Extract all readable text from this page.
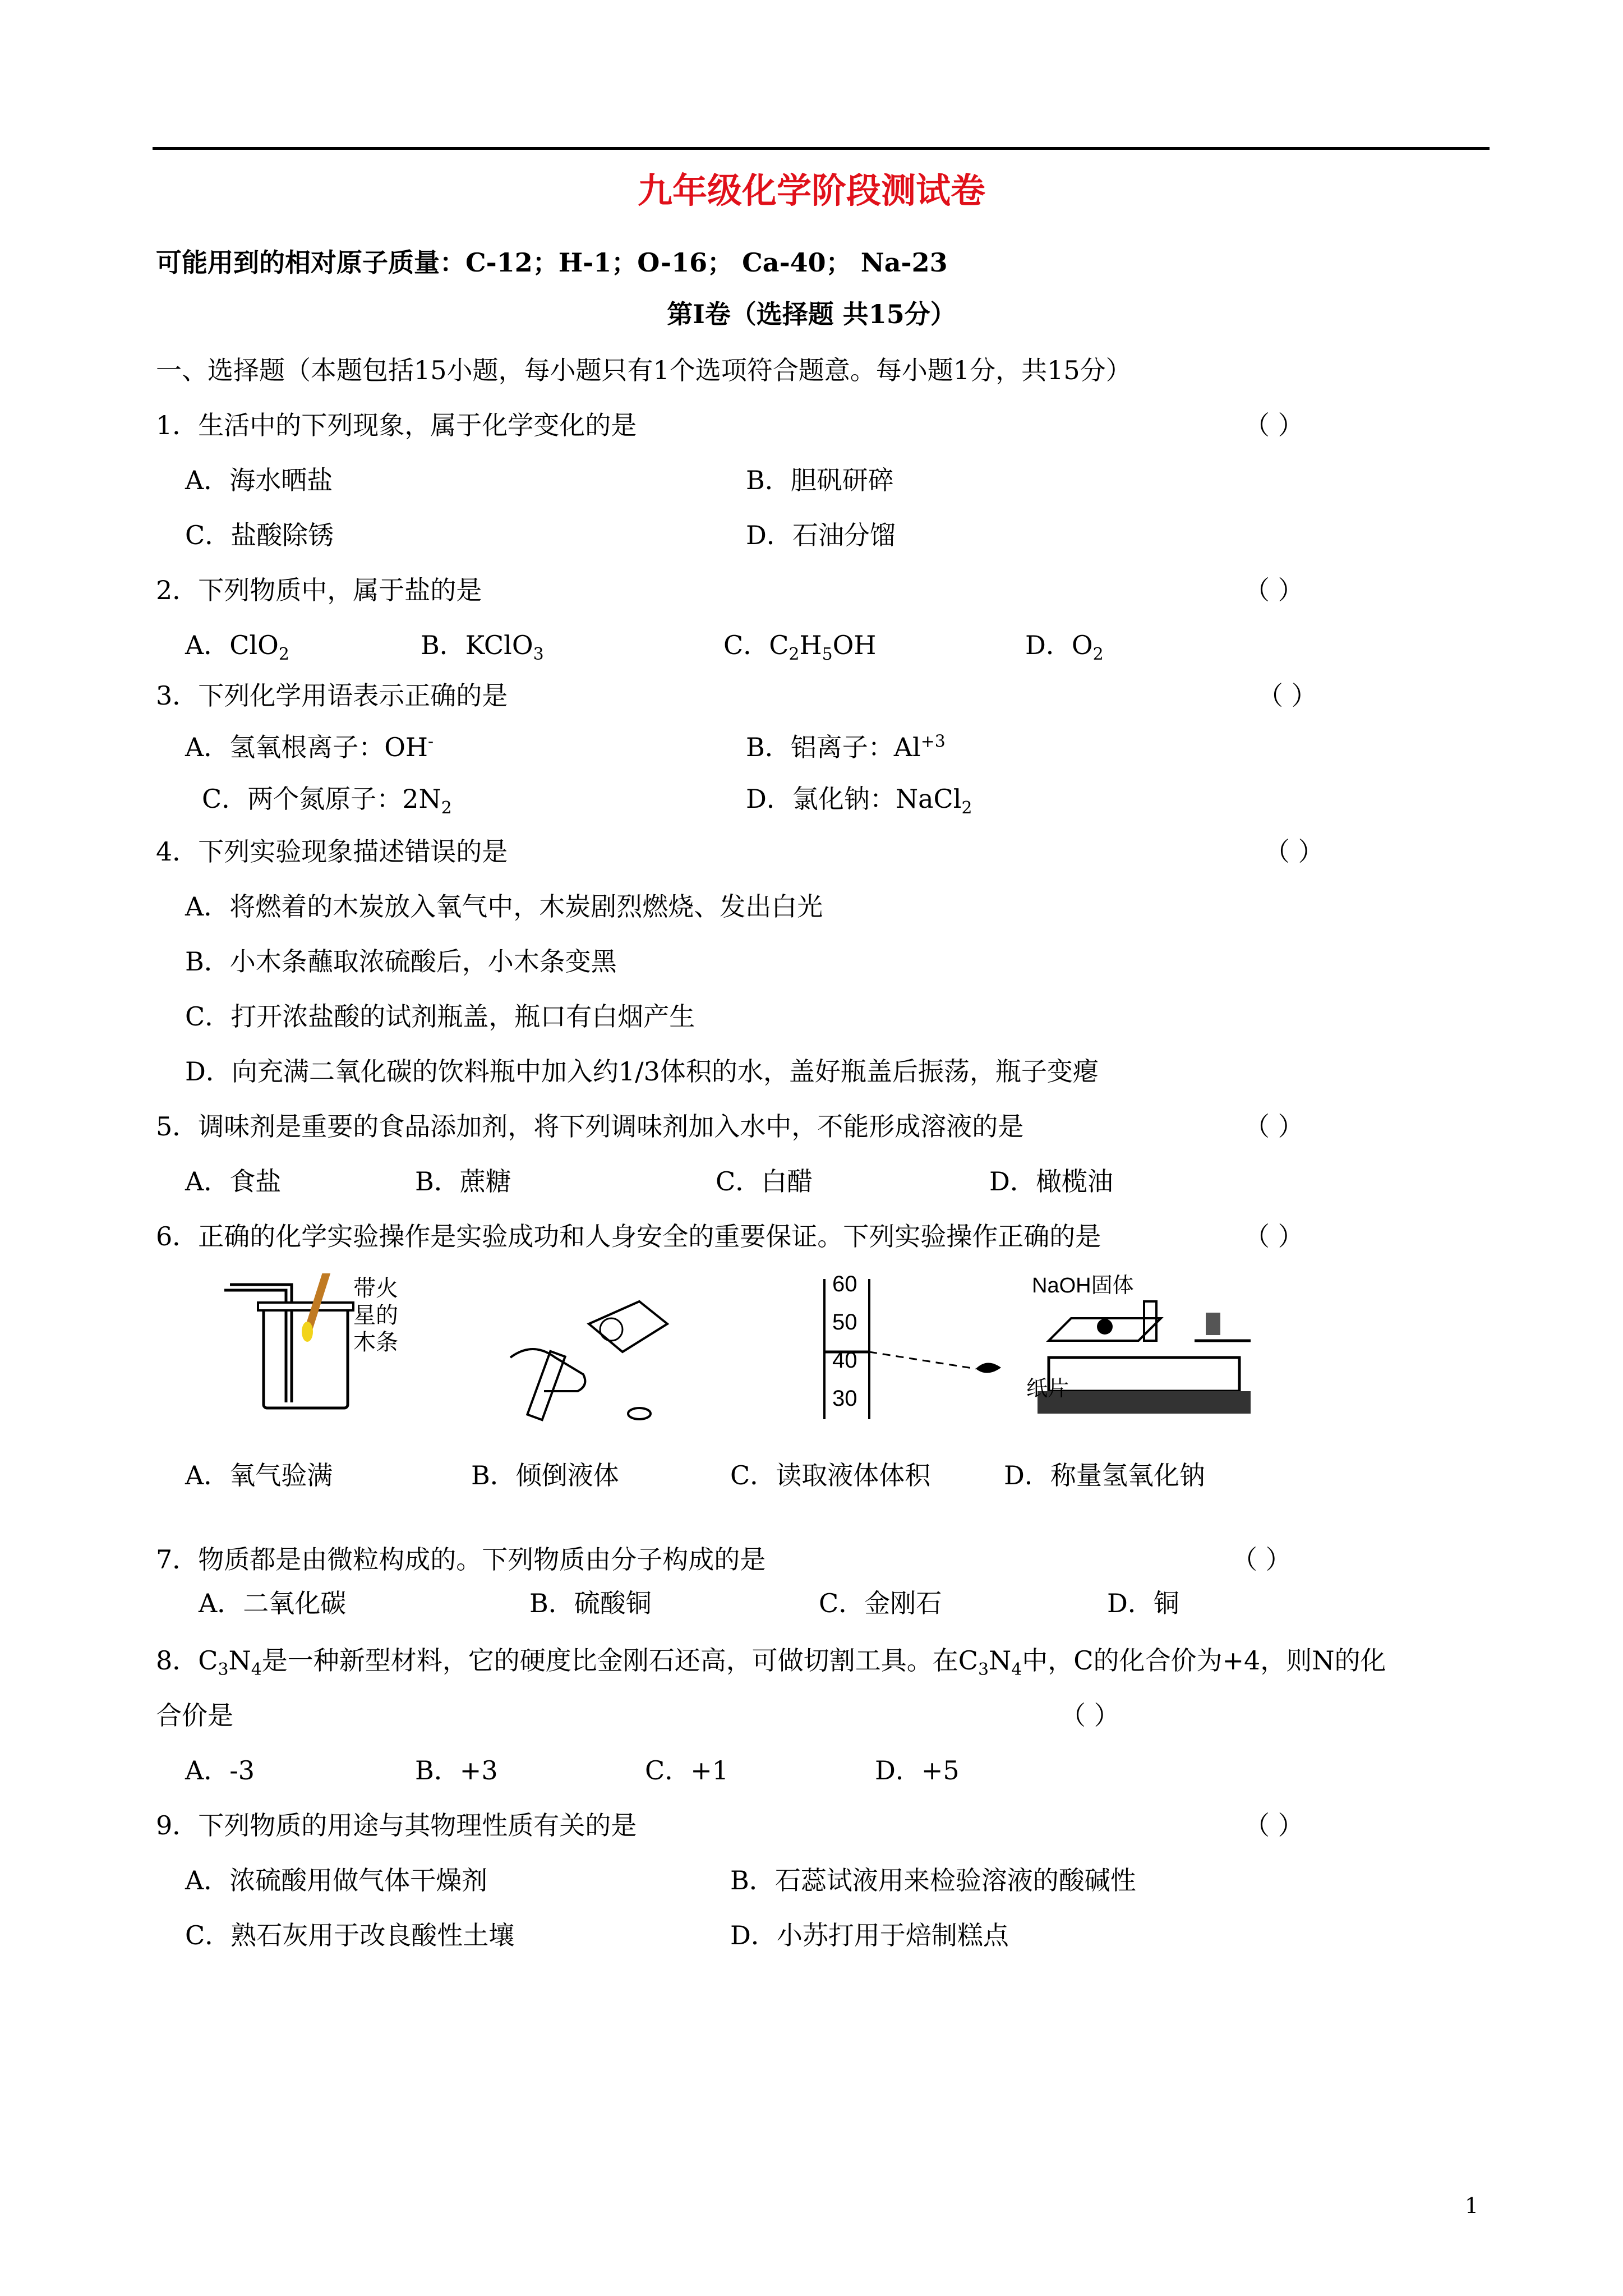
九年级化学阶段测试卷
可能用到的相对原子质量：C-12；H-1；O-16； Ca-40； Na-23
第Ⅰ卷（选择题 共15分）
一、选择题（本题包括15小题，每小题只有1个选项符合题意。每小题1分，共15分）
1．生活中的下列现象，属于化学变化的是	（ ）
A．海水晒盐	B．胆矾研碎
C．盐酸除锈	D．石油分馏
2．下列物质中，属于盐的是	（ ）
A．ClO$_2$	B．KClO$_3$	C．$C_2H_5OH$	D．$O_2$
3．下列化学用语表示正确的是	（ ）
A．氢氧根离子：OH-	B．铝离子：$Al^{+3}$
C．两个氮原子：$2N_2$	D．氯化钠：NaCl$_2$
4．下列实验现象描述错误的是	（ ）
A．将燃着的木炭放入氧气中，木炭剧烈燃烧、发出白光
B．小木条蘸取浓硫酸后，小木条变黑
C．打开浓盐酸的试剂瓶盖，瓶口有白烟产生
D．向充满二氧化碳的饮料瓶中加入约1/3体积的水，盖好瓶盖后振荡，瓶子变瘪
5．调味剂是重要的食品添加剂，将下列调味剂加入水中，不能形成溶液的是	（ ）
A．食盐	B．蔗糖	C．白醋	D．橄榄油
6．正确的化学实验操作是实验成功和人身安全的重要保证。下列实验操作正确的是	（ ）
带火
星的
木条
60
50
40
30
NaOH固体
纸片
A．氧气验满	B．倾倒液体	C．读取液体体积	D．称量氢氧化钠
7．物质都是由微粒构成的。下列物质由分子构成的是	（ ）
A．二氧化碳	B．硫酸铜	C．金刚石	D．铜
8．$C_3N_4$是一种新型材料，它的硬度比金刚石还高，可做切割工具。在$C_3N_4$中，C的化合价为+4，则N的化
合价是	（ ）
A．-3	B．+3	C．+1	D．+5
9．下列物质的用途与其物理性质有关的是	（ ）
A．浓硫酸用做气体干燥剂	B．石蕊试液用来检验溶液的酸碱性
C．熟石灰用于改良酸性土壤	D．小苏打用于焙制糕点
1
